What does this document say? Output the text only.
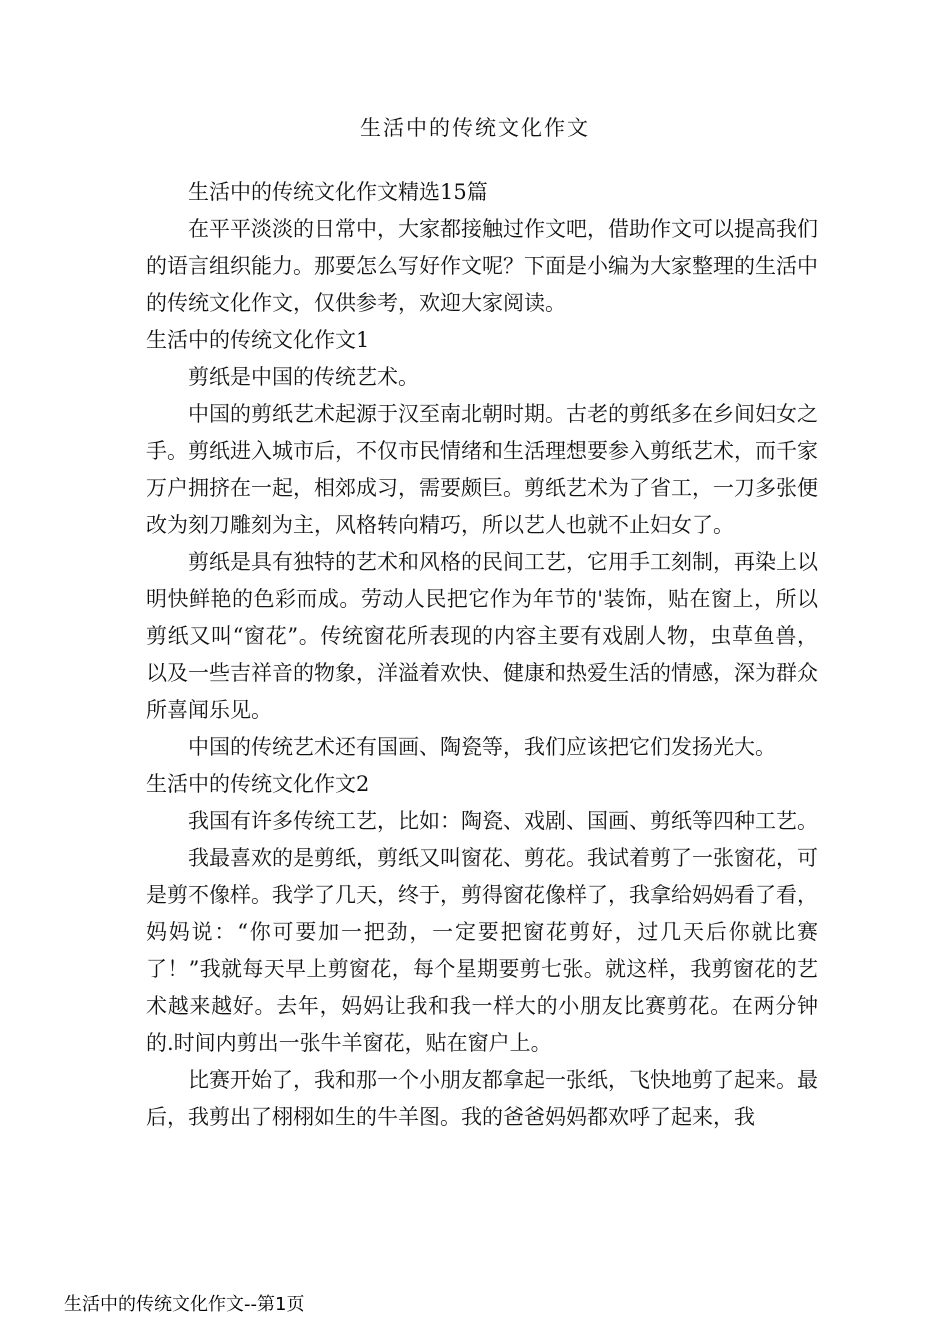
生活中的传统文化作文

生活中的传统文化作文精选15篇

在平平淡淡的日常中，大家都接触过作文吧，借助作文可以提高我们的语言组织能力。那要怎么写好作文呢？下面是小编为大家整理的生活中的传统文化作文，仅供参考，欢迎大家阅读。

生活中的传统文化作文1

剪纸是中国的传统艺术。

中国的剪纸艺术起源于汉至南北朝时期。古老的剪纸多在乡间妇女之手。剪纸进入城市后，不仅市民情绪和生活理想要参入剪纸艺术，而千家万户拥挤在一起，相郊成习，需要颇巨。剪纸艺术为了省工，一刀多张便改为刻刀雕刻为主，风格转向精巧，所以艺人也就不止妇女了。

剪纸是具有独特的艺术和风格的民间工艺，它用手工刻制，再染上以明快鲜艳的色彩而成。劳动人民把它作为年节的'装饰，贴在窗上，所以剪纸又叫“窗花”。传统窗花所表现的内容主要有戏剧人物，虫草鱼兽，以及一些吉祥音的物象，洋溢着欢快、健康和热爱生活的情感，深为群众所喜闻乐见。

中国的传统艺术还有国画、陶瓷等，我们应该把它们发扬光大。

生活中的传统文化作文2

我国有许多传统工艺，比如：陶瓷、戏剧、国画、剪纸等四种工艺。

我最喜欢的是剪纸，剪纸又叫窗花、剪花。我试着剪了一张窗花，可是剪不像样。我学了几天，终于，剪得窗花像样了，我拿给妈妈看了看，妈妈说：“你可要加一把劲，一定要把窗花剪好，过几天后你就比赛了！”我就每天早上剪窗花，每个星期要剪七张。就这样，我剪窗花的艺术越来越好。去年，妈妈让我和我一样大的小朋友比赛剪花。在两分钟的.时间内剪出一张牛羊窗花，贴在窗户上。

比赛开始了，我和那一个小朋友都拿起一张纸，飞快地剪了起来。最后，我剪出了栩栩如生的牛羊图。我的爸爸妈妈都欢呼了起来，我

生活中的传统文化作文--第1页
